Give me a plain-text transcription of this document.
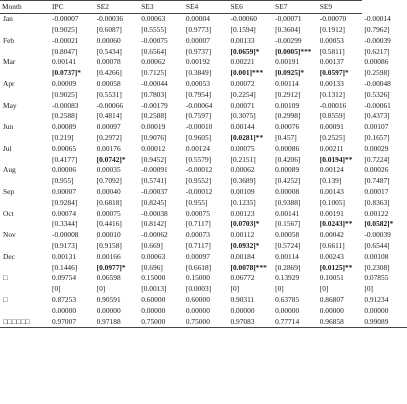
Month	IPC	SE2	SE3	SE4	SE6	SE7	SE9	
Jan	-0.00007	-0.00036	0.00063	0.00004	-0.00060	-0.00071	-0.00070	-0.00014
	[0.9025]	[0.6087]	[0.5555]	[0.9773]	[0.1594]	[0.3604]	[0.1912]	[0.7962]
Feb	-0.00021	0.00060	-0.00075	0.00007	0.00133	-0.00299	0.00053	-0.00039
	[0.8047]	[0.5434]	[0.6564]	[0.9737]	[0.0659]*	[0.0005]***	[0.5811]	[0.6217]
Mar	0.00141	0.00078	0.00062	0.00192	0.00221	0.00191	0.00137	0.00086
	[0.0737]*	[0.4266]	[0.7125]	[0.3849]	[0.001]***	[0.0925]*	[0.0597]*	[0.2598]
Apr	0.00009	0.00058	-0.00044	0.00053	0.00072	0.00114	0.00133	-0.00048
	[0.9025]	[0.5531]	[0.7803]	[0.7954]	[0.2254]	[0.2912]	[0.1312]	[0.5326]
May	-0.00083	-0.00066	-0.00179	-0.00064	0.00071	0.00109	-0.00016	-0.00061
	[0.2588]	[0.4814]	[0.2588]	[0.7597]	[0.3075]	[0.2998]	[0.8559]	[0.4373]
Jun	0.00089	0.00097	0.00019	-0.00010	0.00144	0.00076	0.00091	0.00107
	[0.219]	[0.2972]	[0.9076]	[0.9605]	[0.0281]**	[0.457]	[0.2525]	[0.1657]
Jul	0.00065	0.00176	0.00012	0.00124	0.00075	0.00086	0.00211	0.00029
	[0.4177]	[0.0742]*	[0.9452]	[0.5579]	[0.2151]	[0.4206]	[0.0194]**	[0.7224]
Aug	0.00006	0.00035	-0.00091	-0.00012	0.00062	0.00089	0.00124	0.00026
	[0.955]	[0.7092]	[0.5741]	[0.9552]	[0.3689]	[0.4252]	[0.139]	[0.7487]
Sep	0.00007	0.00040	-0.00037	-0.00012	0.00109	0.00008	0.00143	0.00017
	[0.9284]	[0.6818]	[0.8245]	[0.955]	[0.1235]	[0.9388]	[0.1005]	[0.8363]
Oct	0.00074	0.00075	-0.00038	0.00075	0.00123	0.00141	0.00191	0.00122
	[0.3344]	[0.4416]	[0.8142]	[0.7117]	[0.0703]*	[0.1567]	[0.0243]**	[0.0582]*
Nov	-0.00008	0.00010	-0.00062	0.00073	0.00112	0.00058	0.00042	-0.00039
	[0.9173]	[0.9158]	[0.669]	[0.7117]	[0.0932]*	[0.5724]	[0.6611]	[0.6544]
Dec	0.00131	0.00166	0.00063	0.00097	0.00184	0.00114	0.00243	0.00108
	[0.1446]	[0.0977]*	[0.696]	[0.6618]	[0.0078]***	[0.2869]	[0.0125]**	[0.2308]
□	0.09754	0.06598	0.15000	0.15000	0.06772	0.13929	0.10051	0.07855
	[0]	[0]	[0.0013]	[0.0003]	[0]	[0]	[0]	[0]
□	0.87253	0.90591	0.60000	0.60000	0.90311	0.63785	0.86807	0.91234
	0.00000	0.00000	0.00000	0.00000	0.00000	0.00000	0.00000	0.00000
□□□□□□	0.97007	0.97188	0.75000	0.75000	0.97083	0.77714	0.96858	0.99089
